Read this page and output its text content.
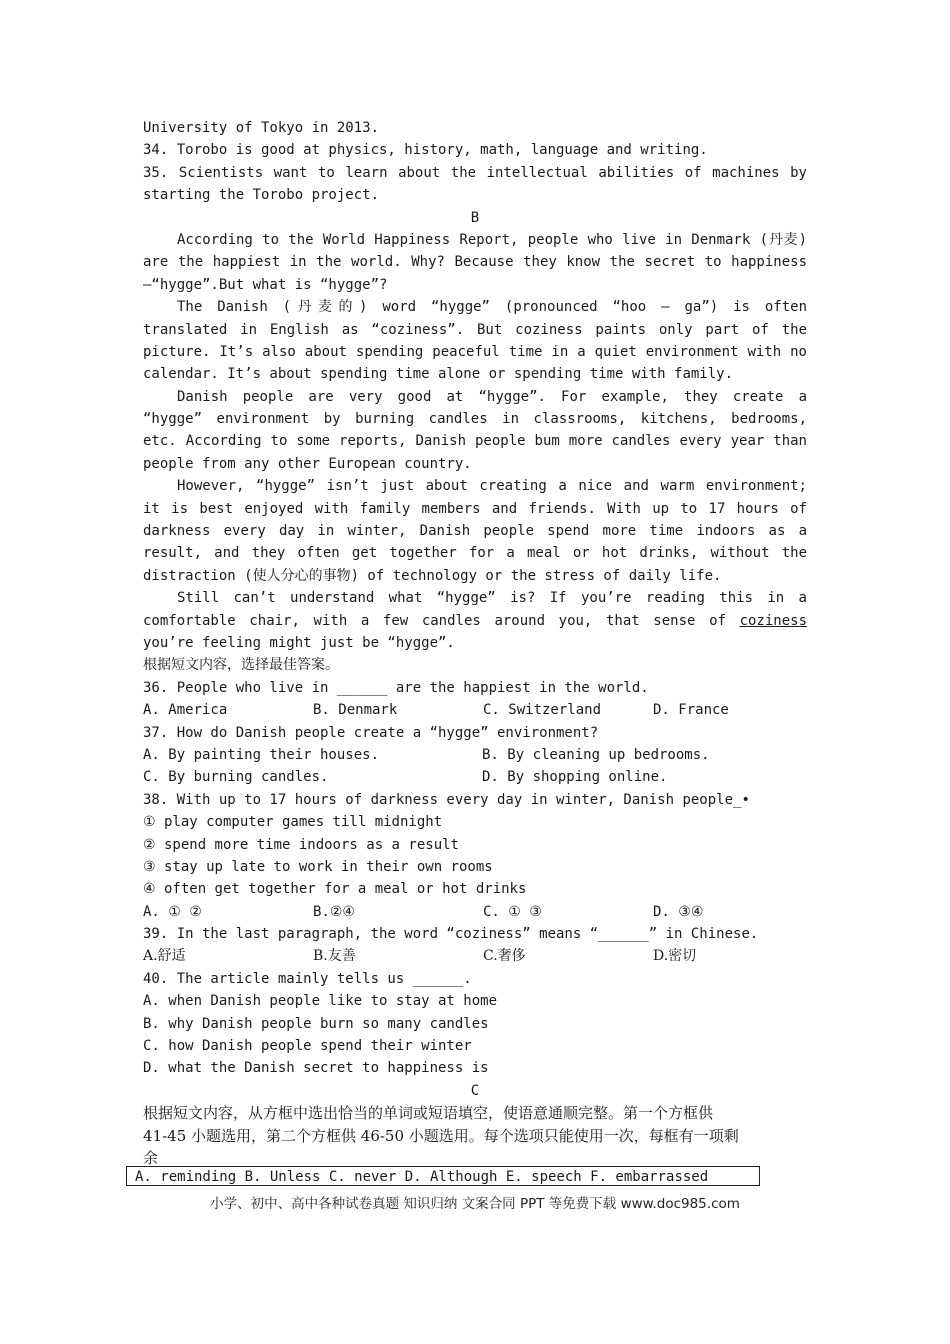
University of Tokyo in 2013.
34. Torobo is good at physics, history, math, language and writing.
35. Scientists want to learn about the intellectual abilities of machines by
starting the Torobo project.
B
According to the World Happiness Report, people who live in Denmark (丹麦)
are the happiest in the world. Why? Because they know the secret to happiness
—“hygge”.But what is “hygge”?
The Danish (丹麦的) word “hygge” (pronounced “hoo — ga”) is often
translated in English as “coziness”. But coziness paints only part of the
picture. It’s also about spending peaceful time in a quiet environment with no
calendar. It’s about spending time alone or spending time with family.
Danish people are very good at “hygge”. For example, they create a
“hygge” environment by burning candles in classrooms, kitchens, bedrooms,
etc. According to some reports, Danish people bum more candles every year than
people from any other European country.
However, “hygge” isn’t just about creating a nice and warm environment;
it is best enjoyed with family members and friends. With up to 17 hours of
darkness every day in winter, Danish people spend more time indoors as a
result, and they often get together for a meal or hot drinks, without the
distraction (使人分心的事物) of technology or the stress of daily life.
Still can’t understand what “hygge” is? If you’re reading this in a
comfortable chair, with a few candles around you, that sense of coziness
you’re feeling might just be “hygge”.
根据短文内容，选择最佳答案。
36. People who live in ______ are the happiest in the world.
A. America	B. Denmark	C. Switzerland	D. France
37. How do Danish people create a “hygge” environment?
A. By painting their houses.	B. By cleaning up bedrooms.
C. By burning candles.	D. By shopping online.
38. With up to 17 hours of darkness every day in winter, Danish people_•
① play computer games till midnight
② spend more time indoors as a result
③ stay up late to work in their own rooms
④ often get together for a meal or hot drinks
A. ① ②	B.②④	C. ① ③	D. ③④
39. In the last paragraph, the word “coziness” means “______” in Chinese.
A.舒适	B.友善	C.奢侈	D.密切
40. The article mainly tells us ______.
A. when Danish people like to stay at home
B. why Danish people burn so many candles
C. how Danish people spend their winter
D. what the Danish secret to happiness is
C
根据短文内容，从方框中选出恰当的单词或短语填空，使语意通顺完整。第一个方框供
41-45 小题选用，第二个方框供 46-50 小题选用。每个选项只能使用一次，每框有一项剩
余
A. reminding B. Unless C. never D. Although E. speech F. embarrassed
小学、初中、高中各种试卷真题 知识归纳 文案合同 PPT 等免费下载 www.doc985.com
